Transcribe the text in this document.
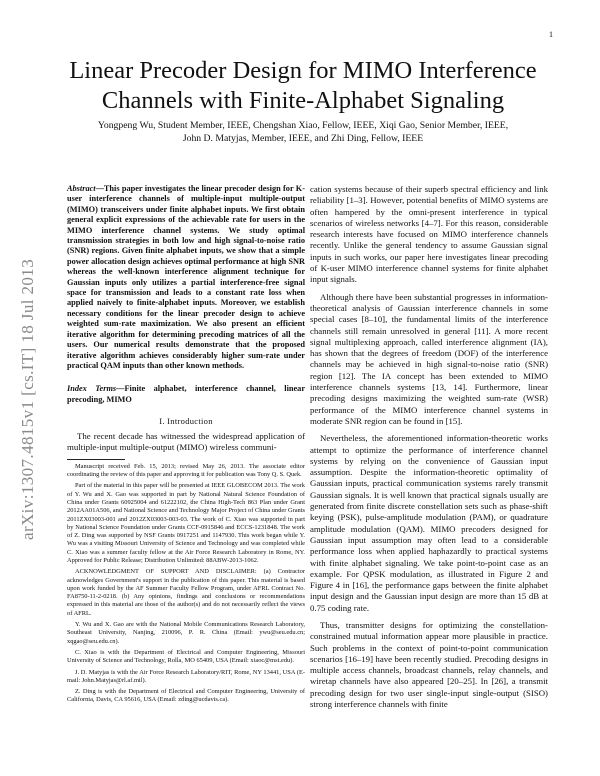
1
arXiv:1307.4815v1 [cs.IT] 18 Jul 2013
Linear Precoder Design for MIMO Interference Channels with Finite-Alphabet Signaling
Yongpeng Wu, Student Member, IEEE, Chengshan Xiao, Fellow, IEEE, Xiqi Gao, Senior Member, IEEE,
John D. Matyjas, Member, IEEE, and Zhi Ding, Fellow, IEEE
Abstract—This paper investigates the linear precoder design for K-user interference channels of multiple-input multiple-output (MIMO) transceivers under finite alphabet inputs. We first obtain general explicit expressions of the achievable rate for users in the MIMO interference channel systems. We study optimal transmission strategies in both low and high signal-to-noise ratio (SNR) regions. Given finite alphabet inputs, we show that a simple power allocation design achieves optimal performance at high SNR whereas the well-known interference alignment technique for Gaussian inputs only utilizes a partial interference-free signal space for transmission and leads to a constant rate loss when applied naively to finite-alphabet inputs. Moreover, we establish necessary conditions for the linear precoder design to achieve weighted sum-rate maximization. We also present an efficient iterative algorithm for determining precoding matrices of all the users. Our numerical results demonstrate that the proposed iterative algorithm achieves considerably higher sum-rate under practical QAM inputs than other known methods.
Index Terms—Finite alphabet, interference channel, linear precoding, MIMO
I. Introduction
The recent decade has witnessed the widespread application of multiple-input multiple-output (MIMO) wireless communi-
Manuscript received Feb. 15, 2013; revised May 26, 2013. The associate editor coordinating the review of this paper and approving it for publication was Tony Q. S. Quek.
Part of the material in this paper will be presented at IEEE GLOBECOM 2013. The work of Y. Wu and X. Gao was supported in part by National Natural Science Foundation of China under Grants 60925004 and 61222102, the China High-Tech 863 Plan under Grant 2012AA01A506, and National Science and Technology Major Project of China under Grants 2011ZX03003-001 and 2012ZX03003-003-03. The work of C. Xiao was supported in part by National Science Foundation under Grants CCF-0915846 and ECCS-1231848. The work of Z. Ding was supported by NSF Grants 0917251 and 1147930. This work began while Y. Wu was a visiting Missouri University of Science and Technology and was completed while C. Xiao was a summer faculty fellow at the Air Force Research Laboratory in Rome, NY. Approved for Public Release; Distribution Unlimited: 88ABW-2013-1062.
ACKNOWLEDGMENT OF SUPPORT AND DISCLAIMER: (a) Contractor acknowledges Government's support in the publication of this paper. This material is based upon work funded by the AF Summer Faculty Fellow Program, under AFRL Contract No. FA8750-11-2-0218. (b) Any opinions, findings and conclusions or recommendations expressed in this material are those of the author(s) and do not necessarily reflect the views of AFRL.
Y. Wu and X. Gao are with the National Mobile Communications Research Laboratory, Southeast University, Nanjing, 210096, P. R. China (Email: ywu@seu.edu.cn; xqgao@seu.edu.cn).
C. Xiao is with the Department of Electrical and Computer Engineering, Missouri University of Science and Technology, Rolla, MO 65409, USA (Email: xiaoc@mst.edu).
J. D. Matyjas is with the Air Force Research Laboratory/RIT, Rome, NY 13441, USA (E-mail: John.Matyjas@rl.af.mil).
Z. Ding is with the Department of Electrical and Computer Engineering, University of California, Davis, CA 95616, USA (Email: zding@ucdavis.ca).
cation systems because of their superb spectral efficiency and link reliability [1–3]. However, potential benefits of MIMO systems are often hampered by the omni-present interference in typical scenarios of wireless networks [4–7]. For this reason, considerable research interests have focused on MIMO interference channels recently. Unlike the general tendency to assume Gaussian signal inputs in such works, our paper here investigates linear precoding of K-user MIMO interference channel systems for finite alphabet input signals.
Although there have been substantial progresses in information-theoretical analysis of Gaussian interference channels in some special cases [8–10], the fundamental limits of the interference channels still remain unresolved in general [11]. A more recent signal multiplexing approach, called interference alignment (IA), has shown that the degrees of freedom (DOF) of the interference channels may be achieved in high signal-to-noise ratio (SNR) region [12]. The IA concept has been extended to MIMO interference channels systems [13, 14]. Furthermore, linear precoding designs maximizing the weighted sum-rate (WSR) performance of the MIMO interference channel systems in moderate SNR region can be found in [15].
Nevertheless, the aforementioned information-theoretic works attempt to optimize the performance of interference channel systems by relying on the convenience of Gaussian input assumption. Despite the information-theoretic optimality of Gaussian inputs, practical communication systems rarely transmit Gaussian signals. It is well known that practical signals usually are generated from finite discrete constellation sets such as phase-shift keying (PSK), pulse-amplitude modulation (PAM), or quadrature amplitude modulation (QAM). MIMO precoders designed for Gaussian input assumption may often lead to a considerable performance loss when applied haphazardly to practical systems with finite alphabet signaling. We take point-to-point case as an example. For QPSK modulation, as illustrated in Figure 2 and Figure 4 in [16], the performance gaps between the finite alphabet input design and the Gaussian input design are more than 15 dB at 0.75 coding rate.
Thus, transmitter designs for optimizing the constellation-constrained mutual information appear more plausible in practice. Such problems in the context of point-to-point communication scenarios [16–19] have been recently studied. Precoding designs in multiple access channels, broadcast channels, relay channels, and wiretap channels have also appeared [20–25]. In [26], a transmit precoding design for two user single-input single-output (SISO) strong interference channels with finite
